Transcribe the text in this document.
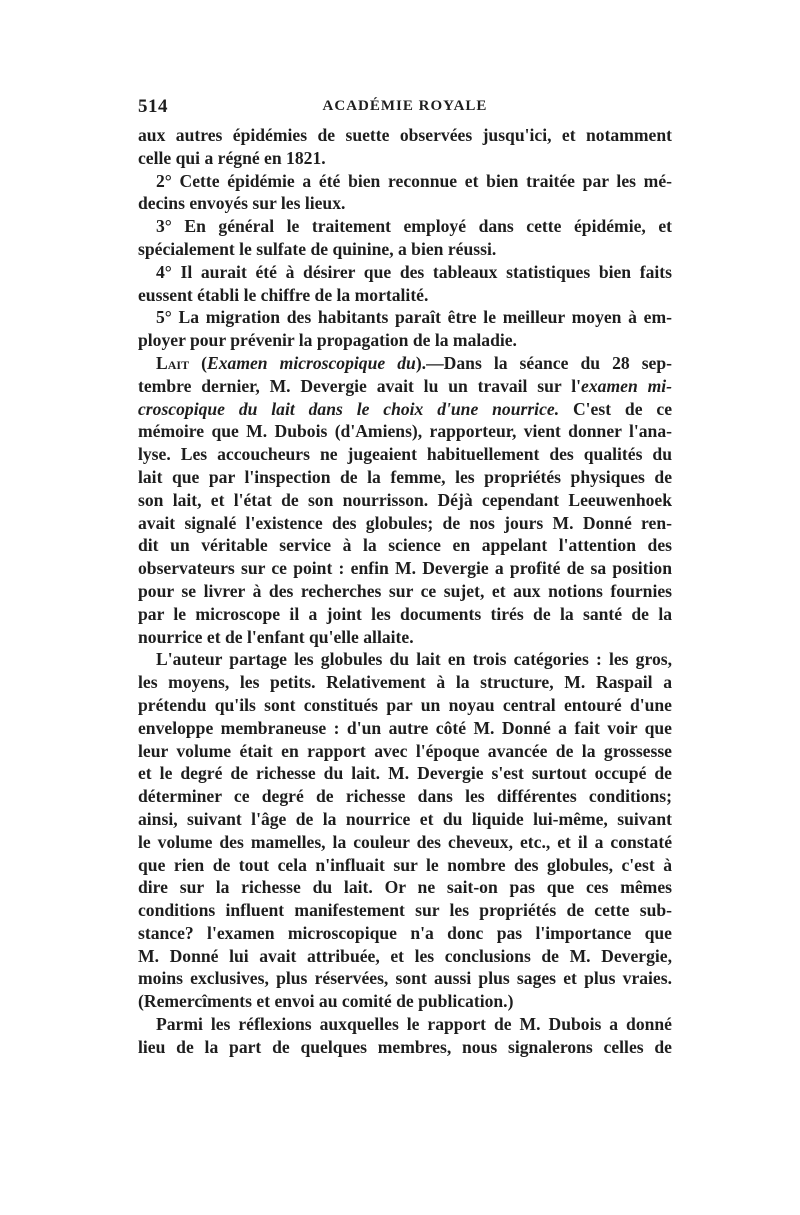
514	ACADÉMIE ROYALE
aux autres épidémies de suette observées jusqu'ici, et notamment
celle qui a régné en 1821.
2° Cette épidémie a été bien reconnue et bien traitée par les mé-
decins envoyés sur les lieux.
3° En général le traitement employé dans cette épidémie, et
spécialement le sulfate de quinine, a bien réussi.
4° Il aurait été à désirer que des tableaux statistiques bien faits
eussent établi le chiffre de la mortalité.
5° La migration des habitants paraît être le meilleur moyen à em-
ployer pour prévenir la propagation de la maladie.
Lait (Examen microscopique du).—Dans la séance du 28 sep-
tembre dernier, M. Devergie avait lu un travail sur l'examen mi-
croscopique du lait dans le choix d'une nourrice. C'est de ce
mémoire que M. Dubois (d'Amiens), rapporteur, vient donner l'ana-
lyse. Les accoucheurs ne jugeaient habituellement des qualités du
lait que par l'inspection de la femme, les propriétés physiques de
son lait, et l'état de son nourrisson. Déjà cependant Leeuwenhoek
avait signalé l'existence des globules; de nos jours M. Donné ren-
dit un véritable service à la science en appelant l'attention des
observateurs sur ce point : enfin M. Devergie a profité de sa position
pour se livrer à des recherches sur ce sujet, et aux notions fournies
par le microscope il a joint les documents tirés de la santé de la
nourrice et de l'enfant qu'elle allaite.
L'auteur partage les globules du lait en trois catégories : les gros,
les moyens, les petits. Relativement à la structure, M. Raspail a
prétendu qu'ils sont constitués par un noyau central entouré d'une
enveloppe membraneuse : d'un autre côté M. Donné a fait voir que
leur volume était en rapport avec l'époque avancée de la grossesse
et le degré de richesse du lait. M. Devergie s'est surtout occupé de
déterminer ce degré de richesse dans les différentes conditions;
ainsi, suivant l'âge de la nourrice et du liquide lui-même, suivant
le volume des mamelles, la couleur des cheveux, etc., et il a constaté
que rien de tout cela n'influait sur le nombre des globules, c'est à
dire sur la richesse du lait. Or ne sait-on pas que ces mêmes
conditions influent manifestement sur les propriétés de cette sub-
stance? l'examen microscopique n'a donc pas l'importance que
M. Donné lui avait attribuée, et les conclusions de M. Devergie,
moins exclusives, plus réservées, sont aussi plus sages et plus vraies.
(Remercîments et envoi au comité de publication.)
Parmi les réflexions auxquelles le rapport de M. Dubois a donné
lieu de la part de quelques membres, nous signalerons celles de
